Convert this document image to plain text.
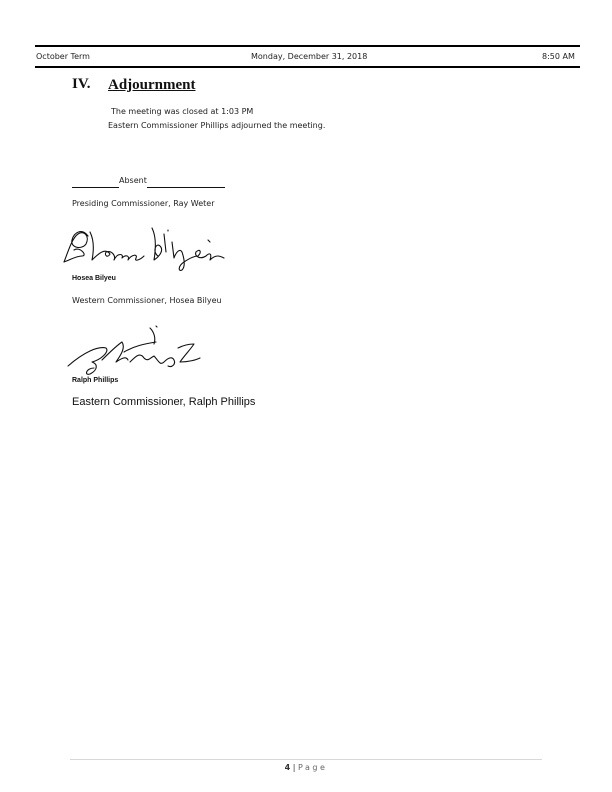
October Term	Monday, December 31, 2018	8:50 AM
IV. Adjournment
The meeting was closed at 1:03 PM
Eastern Commissioner Phillips adjourned the meeting.
Absent
Presiding Commissioner, Ray Weter
Hosea Bilyeu
Western Commissioner, Hosea Bilyeu
Ralph Phillips
Eastern Commissioner, Ralph Phillips
4 | Page
